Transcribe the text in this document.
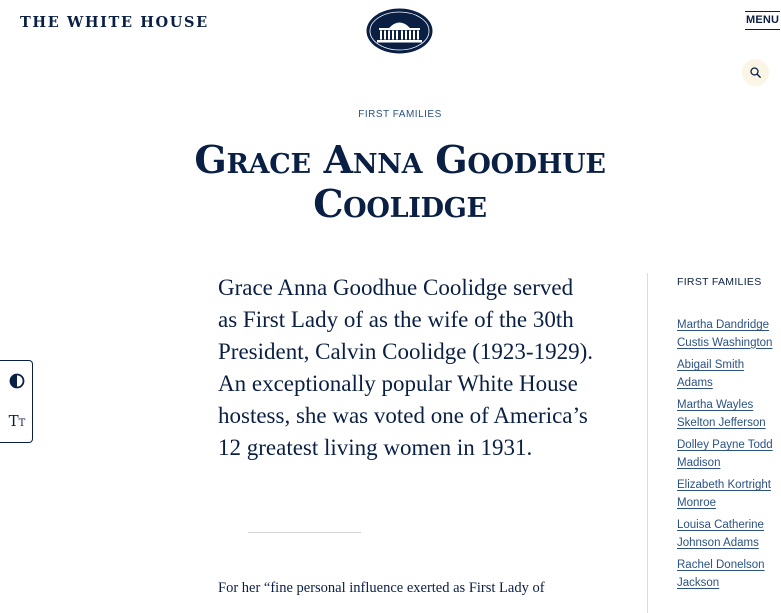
THE WHITE HOUSE	MENU
FIRST FAMILIES
Grace Anna Goodhue Coolidge

Grace Anna Goodhue Coolidge served as First Lady of as the wife of the 30th President, Calvin Coolidge (1923-1929). An exceptionally popular White House hostess, she was voted one of America’s 12 greatest living women in 1931.

For her “fine personal influence exerted as First Lady of

FIRST FAMILIES
Martha Dandridge Custis Washington
Abigail Smith Adams
Martha Wayles Skelton Jefferson
Dolley Payne Todd Madison
Elizabeth Kortright Monroe
Louisa Catherine Johnson Adams
Rachel Donelson Jackson
TT
